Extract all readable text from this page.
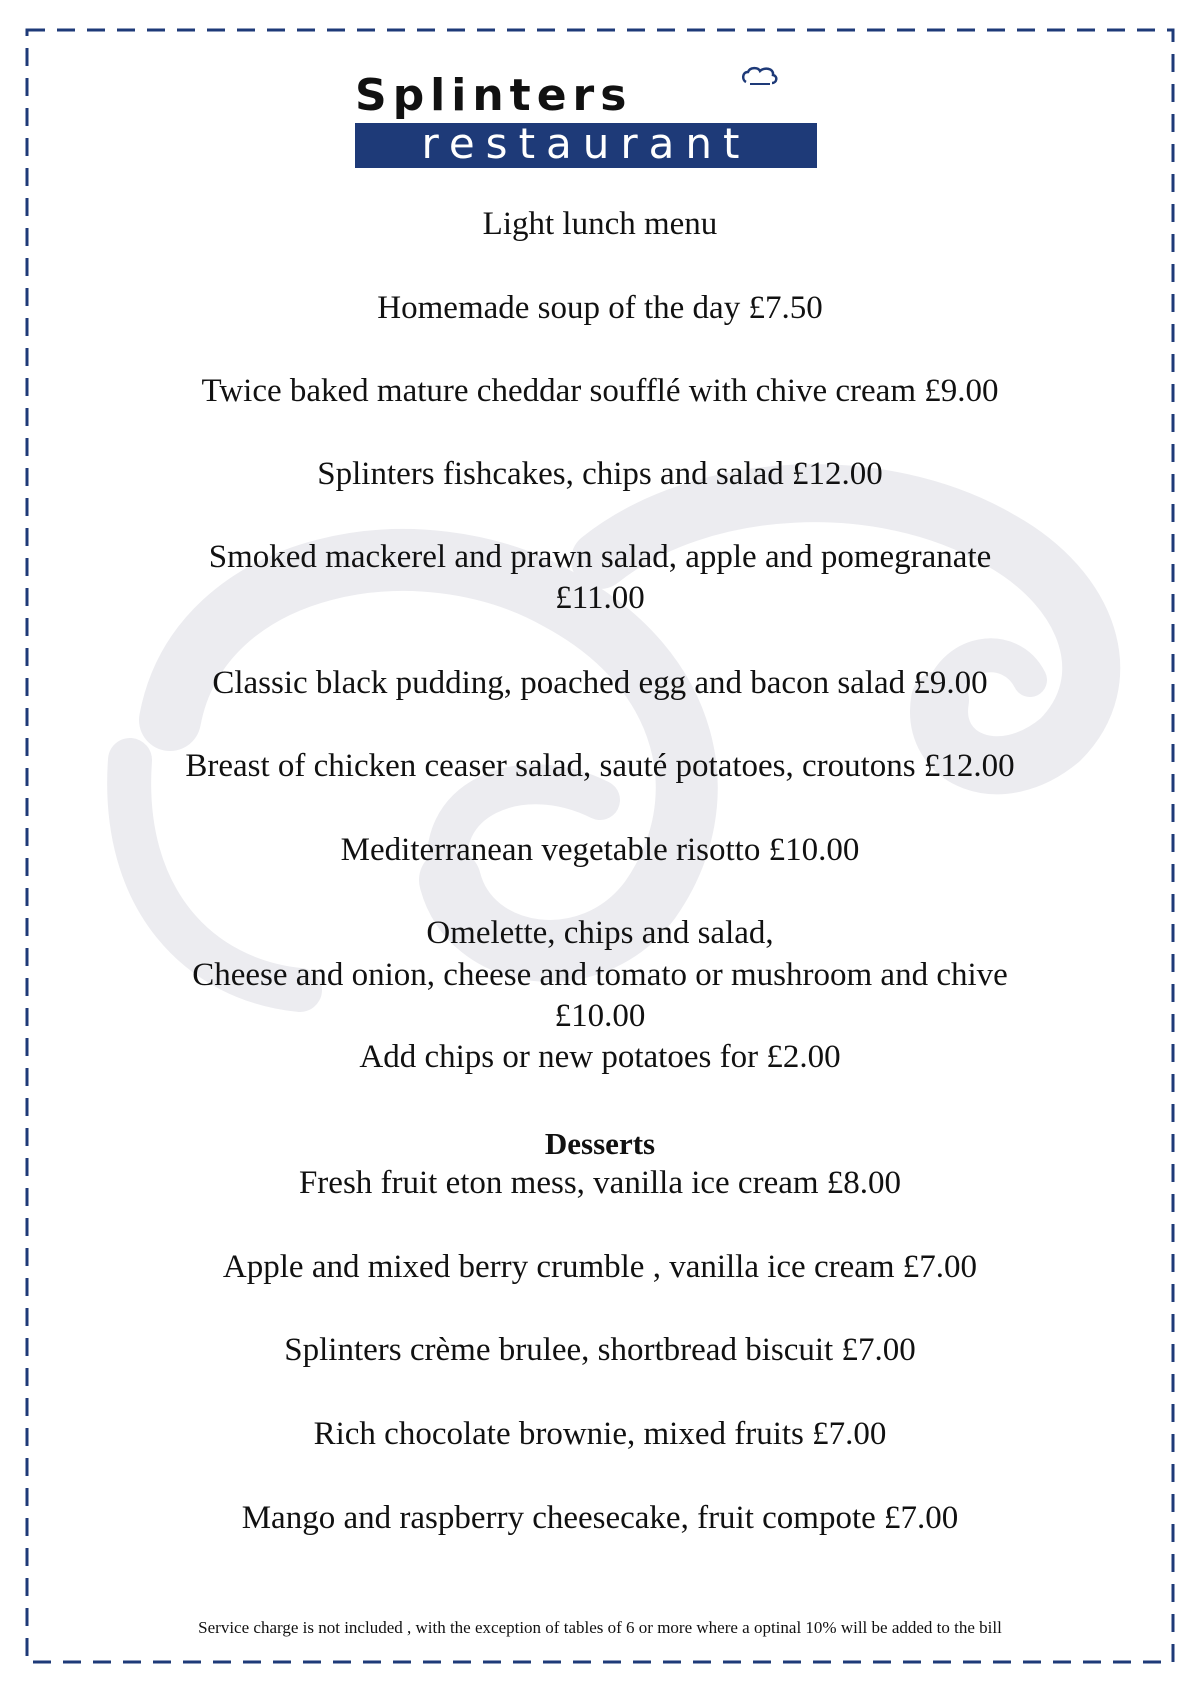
Splinters
restaurant
Light lunch menu
Homemade soup of the day £7.50
Twice baked mature cheddar soufflé with chive cream £9.00
Splinters fishcakes, chips and salad £12.00
Smoked mackerel and prawn salad, apple and pomegranate
£11.00
Classic black pudding, poached egg and bacon salad £9.00
Breast of chicken ceaser salad, sauté potatoes, croutons £12.00
Mediterranean vegetable risotto £10.00
Omelette, chips and salad,
Cheese and onion, cheese and tomato or mushroom and chive
£10.00
Add chips or new potatoes for £2.00
Desserts
Fresh fruit eton mess, vanilla ice cream £8.00
Apple and mixed berry crumble , vanilla ice cream £7.00
Splinters crème brulee, shortbread biscuit £7.00
Rich chocolate brownie, mixed fruits £7.00
Mango and raspberry cheesecake, fruit compote £7.00
Service charge is not included , with the exception of tables of 6 or more where a optinal 10% will be added to the bill
